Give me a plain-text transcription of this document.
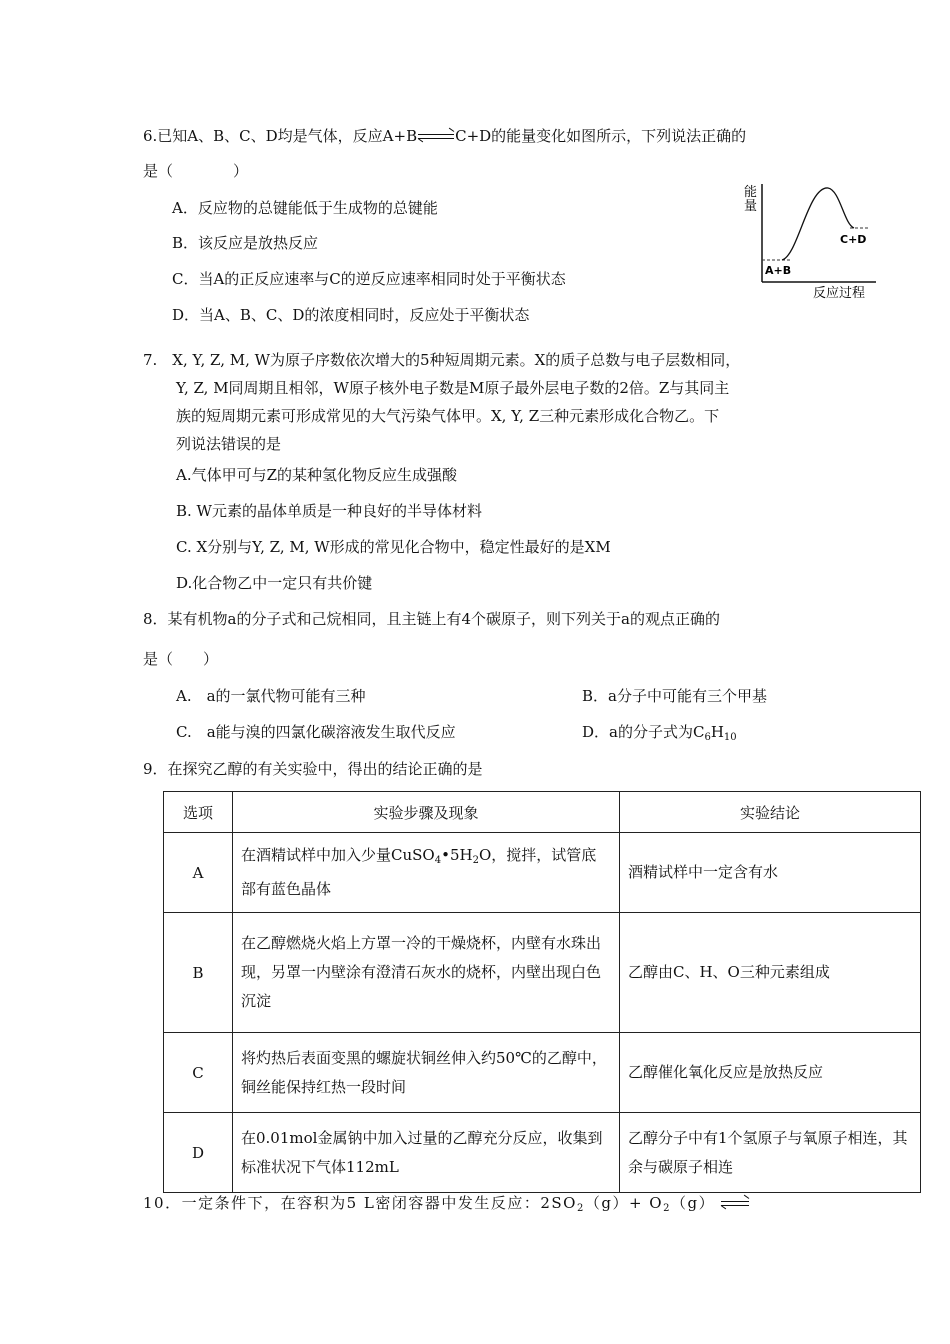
6.已知A、B、C、D均是气体，反应A+B	C+D的能量变化如图所示，下列说法正确的
是（　　　　）
A．反应物的总键能低于生成物的总键能
B．该反应是放热反应
C．当A的正反应速率与C的逆反应速率相同时处于平衡状态
D．当A、B、C、D的浓度相同时，反应处于平衡状态
能
量
A+B
C+D
反应过程
7.　X, Y, Z, M, W为原子序数依次增大的5种短周期元素。X的质子总数与电子层数相同，
Y, Z, M同周期且相邻，W原子核外电子数是M原子最外层电子数的2倍。Z与其同主
族的短周期元素可形成常见的大气污染气体甲。X, Y, Z三种元素形成化合物乙。下
列说法错误的是
A.气体甲可与Z的某种氢化物反应生成强酸
B. W元素的晶体单质是一种良好的半导体材料
C. X分别与Y, Z, M, W形成的常见化合物中，稳定性最好的是XM
D.化合物乙中一定只有共价键
8．某有机物a的分子式和己烷相同，且主链上有4个碳原子，则下列关于a的观点正确的
是（　　）
A.　a的一氯代物可能有三种	B．a分子中可能有三个甲基
C.　a能与溴的四氯化碳溶液发生取代反应	D．a的分子式为$C_6H_{10}$
9．在探究乙醇的有关实验中，得出的结论正确的是
选项	实验步骤及现象	实验结论
A	在酒精试样中加入少量$CuSO_4•5H_2O$，搅拌，试管底部有蓝色晶体	酒精试样中一定含有水
B	在乙醇燃烧火焰上方罩一冷的干燥烧杯，内壁有水珠出现，另罩一内壁涂有澄清石灰水的烧杯，内壁出现白色沉淀	乙醇由C、H、O三种元素组成
C	将灼热后表面变黑的螺旋状铜丝伸入约50℃的乙醇中，铜丝能保持红热一段时间	乙醇催化氧化反应是放热反应
D	在0.01mol金属钠中加入过量的乙醇充分反应，收集到标准状况下气体112mL	乙醇分子中有1个氢原子与氧原子相连，其余与碳原子相连
10．一定条件下，在容积为5 L密闭容器中发生反应：$2SO_2(g)+ O_2(g)$
